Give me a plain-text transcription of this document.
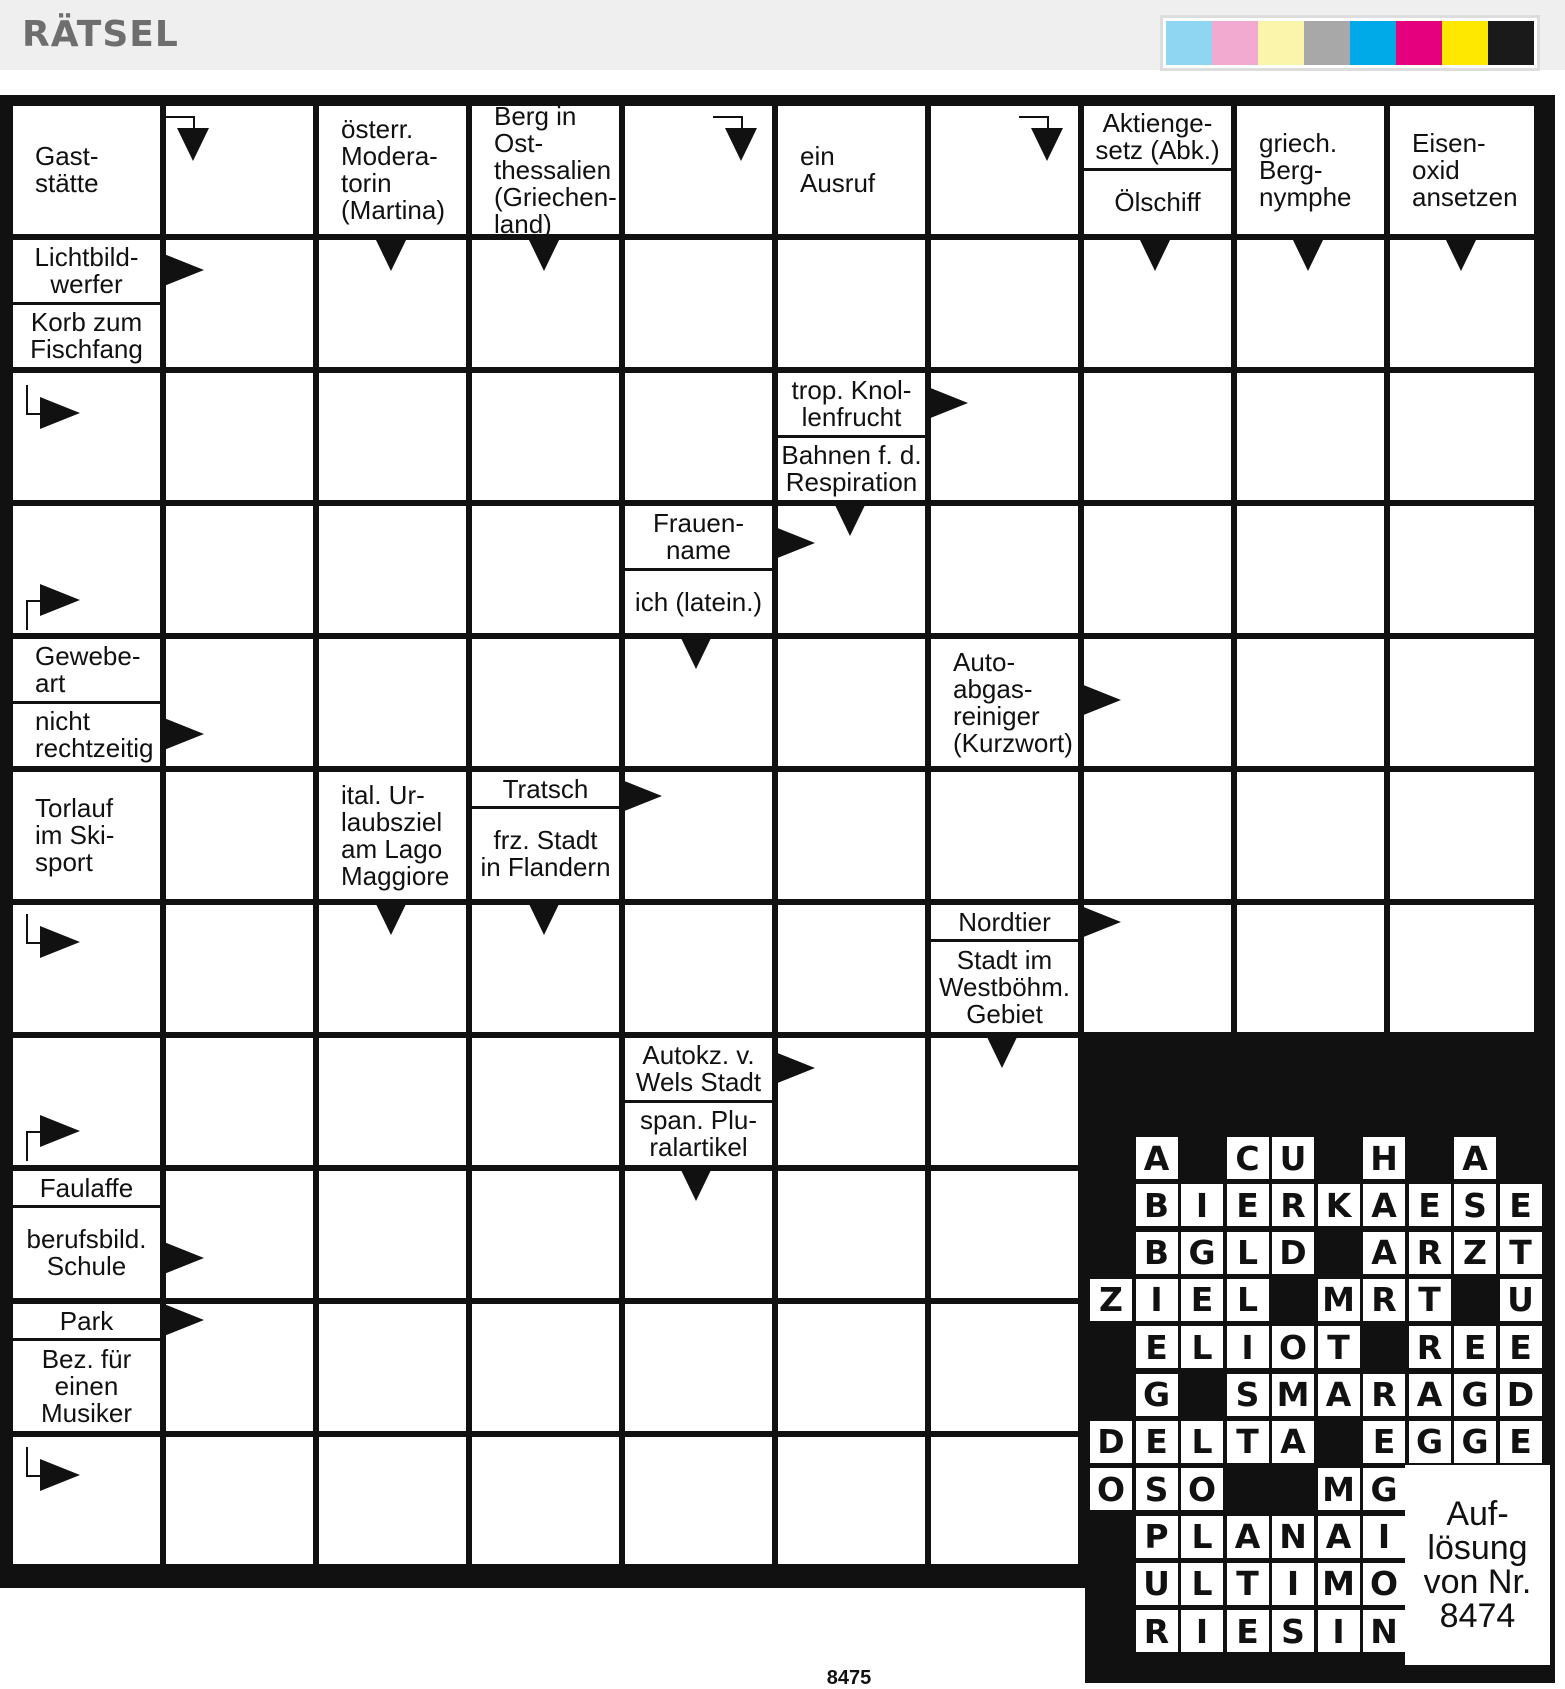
RÄTSEL
A C U H A
B I E R K A E S E
B G L D A R Z T
Z I E L	M R T U
E L I O T R E E
G S M A R A G D
D E L T A E G G E
O S O	M G
P L A N A I
U L T I M O
R I E S I N
Auf-
lösung
von Nr.
8474
8475
Gast-
stätte
österr.
Modera-
torin
(Martina)
Berg in Ost-
thessalien
(Griechen-
land)
ein
Ausruf
Aktienge-
setz (Abk.)
Ölschiff
griech.
Berg-
nymphe
Eisen-
oxid
ansetzen
Lichtbild-
werfer
Korb zum
Fischfang
trop. Knol-
lenfrucht
Bahnen f. d.
Respiration
Frauen-
name
ich (latein.)
Gewebe-
art
nicht
rechtzeitig
Auto-
abgas-
reiniger
(Kurzwort)
Torlauf
im Ski-
sport
ital. Ur-
laubsziel
am Lago
Maggiore
Tratsch
frz. Stadt
in Flandern
Nordtier
Stadt im
Westböhm.
Gebiet
Autokz. v.
Wels Stadt
span. Plu-
ralartikel
Faulaffe
berufsbild.
Schule
Park
Bez. für
einen
Musiker
